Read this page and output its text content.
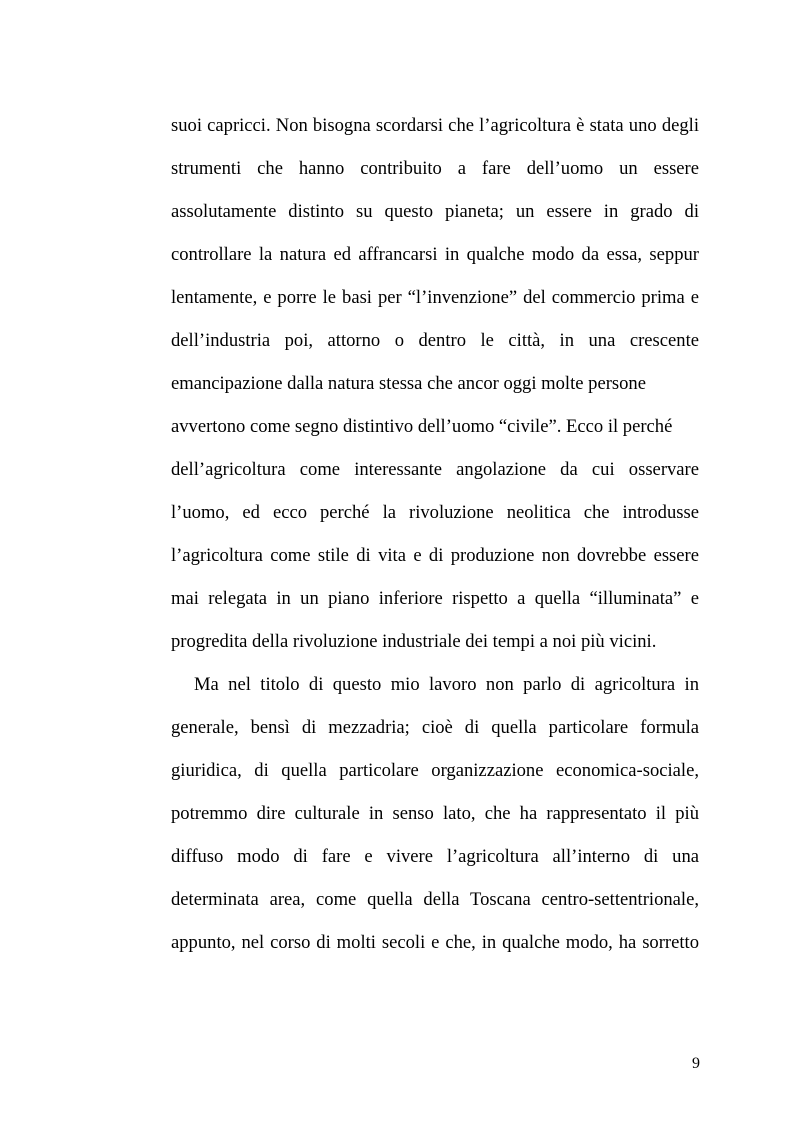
suoi capricci. Non bisogna scordarsi che l’agricoltura è stata uno degli
strumenti che hanno contribuito a fare dell’uomo un essere
assolutamente distinto su questo pianeta; un essere in grado di
controllare la natura ed affrancarsi in qualche modo da essa, seppur
lentamente, e porre le basi per “l’invenzione” del commercio prima e
dell’industria poi, attorno o dentro le città, in una crescente
emancipazione dalla natura stessa che ancor oggi molte persone
avvertono come segno distintivo dell’uomo “civile”. Ecco il perché
dell’agricoltura come interessante angolazione da cui osservare
l’uomo, ed ecco perché la rivoluzione neolitica che introdusse
l’agricoltura come stile di vita e di produzione non dovrebbe essere
mai relegata in un piano inferiore rispetto a quella “illuminata” e
progredita della rivoluzione industriale dei tempi a noi più vicini.
Ma nel titolo di questo mio lavoro non parlo di agricoltura in
generale, bensì di mezzadria; cioè di quella particolare formula
giuridica, di quella particolare organizzazione economica-sociale,
potremmo dire culturale in senso lato, che ha rappresentato il più
diffuso modo di fare e vivere l’agricoltura all’interno di una
determinata area, come quella della Toscana centro-settentrionale,
appunto, nel corso di molti secoli e che, in qualche modo, ha sorretto
9
